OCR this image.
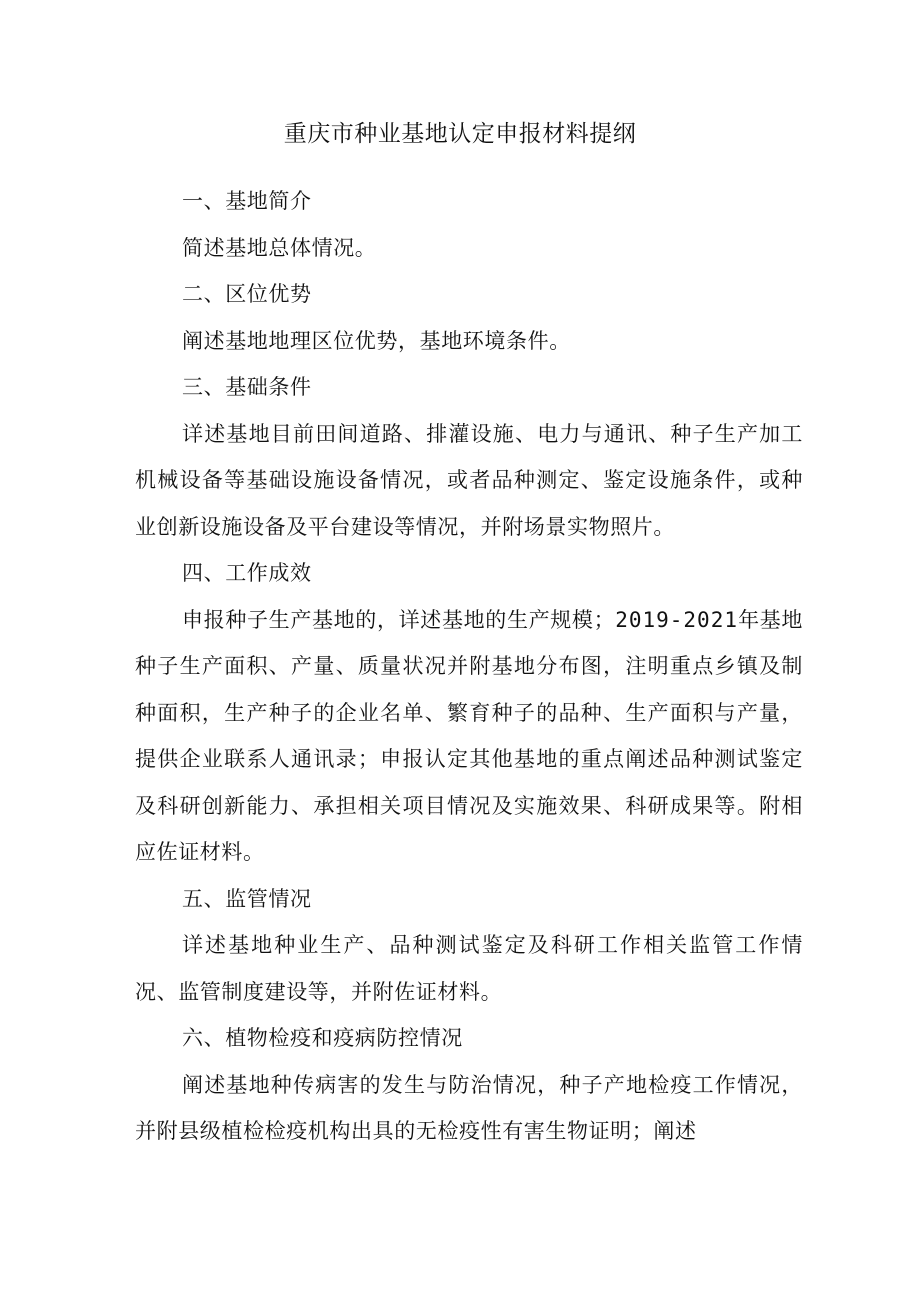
重庆市种业基地认定申报材料提纲

一、基地简介

简述基地总体情况。

二、区位优势

阐述基地地理区位优势，基地环境条件。

三、基础条件

详述基地目前田间道路、排灌设施、电力与通讯、种子生产加工机械设备等基础设施设备情况，或者品种测定、鉴定设施条件，或种业创新设施设备及平台建设等情况，并附场景实物照片。

四、工作成效

申报种子生产基地的，详述基地的生产规模；2019-2021年基地种子生产面积、产量、质量状况并附基地分布图，注明重点乡镇及制种面积，生产种子的企业名单、繁育种子的品种、生产面积与产量，提供企业联系人通讯录；申报认定其他基地的重点阐述品种测试鉴定及科研创新能力、承担相关项目情况及实施效果、科研成果等。附相应佐证材料。

五、监管情况

详述基地种业生产、品种测试鉴定及科研工作相关监管工作情况、监管制度建设等，并附佐证材料。

六、植物检疫和疫病防控情况

阐述基地种传病害的发生与防治情况，种子产地检疫工作情况，并附县级植检检疫机构出具的无检疫性有害生物证明；阐述
